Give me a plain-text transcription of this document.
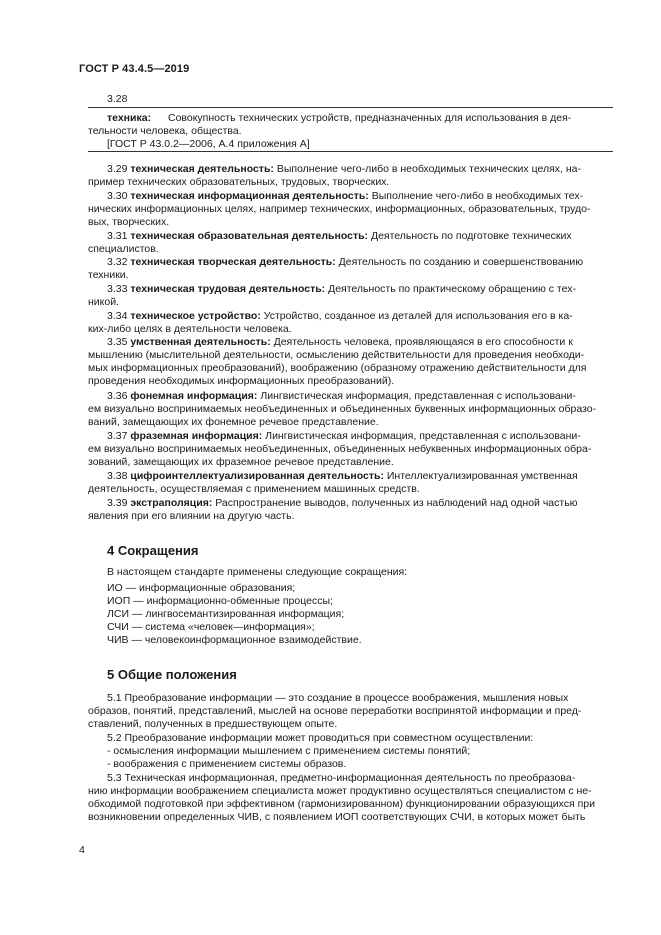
ГОСТ Р 43.4.5—2019
3.28
техника: Совокупность технических устройств, предназначенных для использования в дея-
тельности человека, общества.
[ГОСТ Р 43.0.2—2006, А.4 приложения А]
3.29 техническая деятельность: Выполнение чего-либо в необходимых технических целях, на-
пример технических образовательных, трудовых, творческих.
3.30 техническая информационная деятельность: Выполнение чего-либо в необходимых тех-
нических информационных целях, например технических, информационных, образовательных, трудо-
вых, творческих.
3.31 техническая образовательная деятельность: Деятельность по подготовке технических
специалистов.
3.32 техническая творческая деятельность: Деятельность по созданию и совершенствованию
техники.
3.33 техническая трудовая деятельность: Деятельность по практическому обращению с тех-
никой.
3.34 техническое устройство: Устройство, созданное из деталей для использования его в ка-
ких-либо целях в деятельности человека.
3.35 умственная деятельность: Деятельность человека, проявляющаяся в его способности к
мышлению (мыслительной деятельности, осмыслению действительности для проведения необходи-
мых информационных преобразований), воображению (образному отражению действительности для
проведения необходимых информационных преобразований).
3.36 фонемная информация: Лингвистическая информация, представленная с использовани-
ем визуально воспринимаемых необъединенных и объединенных буквенных информационных образо-
ваний, замещающих их фонемное речевое представление.
3.37 фраземная информация: Лингвистическая информация, представленная с использовани-
ем визуально воспринимаемых необъединенных, объединенных небуквенных информационных обра-
зований, замещающих их фраземное речевое представление.
3.38 цифроинтеллектуализированная деятельность: Интеллектуализированная умственная
деятельность, осуществляемая с применением машинных средств.
3.39 экстраполяция: Распространение выводов, полученных из наблюдений над одной частью
явления при его влиянии на другую часть.
4 Сокращения
В настоящем стандарте применены следующие сокращения:
ИО — информационные образования;
ИОП — информационно-обменные процессы;
ЛСИ — лингвосемантизированная информация;
СЧИ — система «человек—информация»;
ЧИВ — человекоинформационное взаимодействие.
5 Общие положения
5.1 Преобразование информации — это создание в процессе воображения, мышления новых
образов, понятий, представлений, мыслей на основе переработки воспринятой информации и пред-
ставлений, полученных в предшествующем опыте.
5.2 Преобразование информации может проводиться при совместном осуществлении:
- осмысления информации мышлением с применением системы понятий;
- воображения с применением системы образов.
5.3 Техническая информационная, предметно-информационная деятельность по преобразова-
нию информации воображением специалиста может продуктивно осуществляться специалистом с не-
обходимой подготовкой при эффективном (гармонизированном) функционировании образующихся при
возникновении определенных ЧИВ, с появлением ИОП соответствующих СЧИ, в которых может быть
4
